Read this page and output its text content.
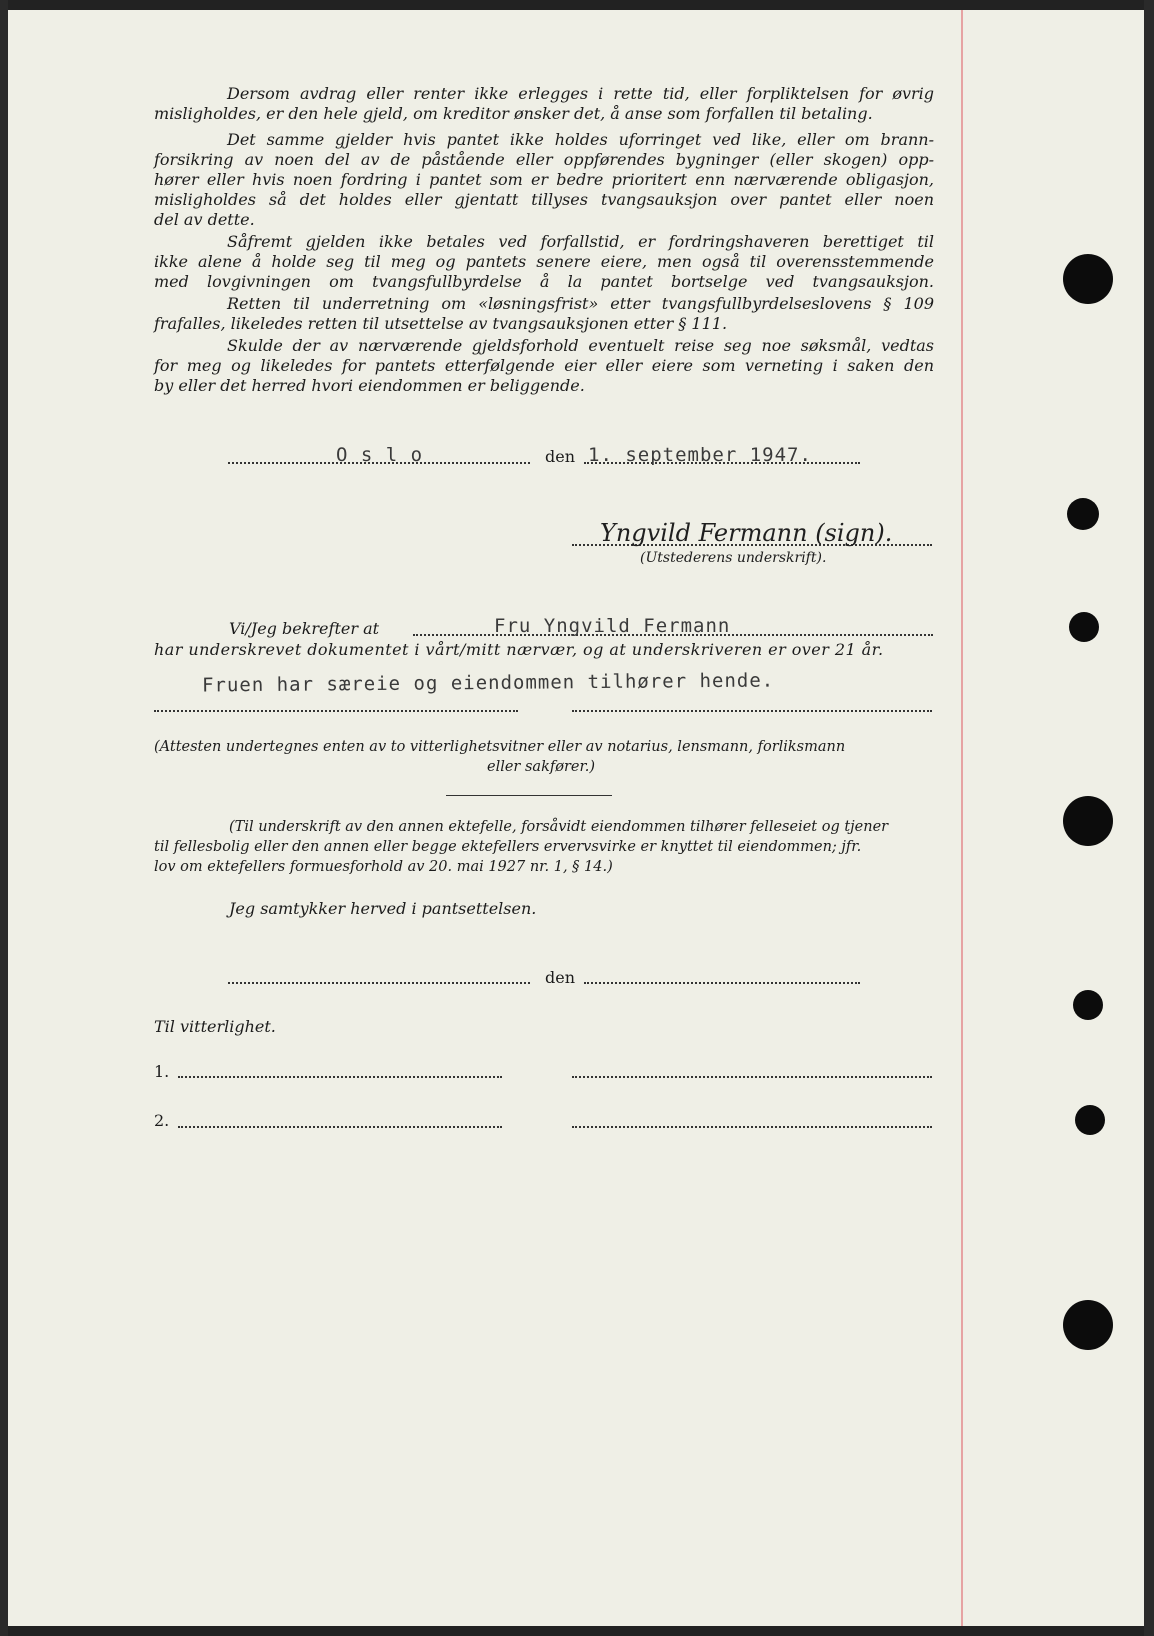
Dersom avdrag eller renter ikke erlegges i rette tid, eller forpliktelsen for øvrig
misligholdes, er den hele gjeld, om kreditor ønsker det, å anse som forfallen til betaling.
Det samme gjelder hvis pantet ikke holdes uforringet ved like, eller om brann-
forsikring av noen del av de påstående eller oppførendes bygninger (eller skogen) opp-
hører eller hvis noen fordring i pantet som er bedre prioritert enn nærværende obligasjon,
misligholdes så det holdes eller gjentatt tillyses tvangsauksjon over pantet eller noen
del av dette.
Såfremt gjelden ikke betales ved forfallstid, er fordringshaveren berettiget til
ikke alene å holde seg til meg og pantets senere eiere, men også til overensstemmende
med lovgivningen om tvangsfullbyrdelse å la pantet bortselge ved tvangsauksjon.
Retten til underretning om «løsningsfrist» etter tvangsfullbyrdelseslovens § 109
frafalles, likeledes retten til utsettelse av tvangsauksjonen etter § 111.
Skulde der av nærværende gjeldsforhold eventuelt reise seg noe søksmål, vedtas
for meg og likeledes for pantets etterfølgende eier eller eiere som verneting i saken den
by eller det herred hvori eiendommen er beliggende.
O s l o	den 1. september 1947.
Yngvild Fermann (sign).
(Utstederens underskrift).
Vi/Jeg bekrefter at	Fru Yngvild Fermann
har underskrevet dokumentet i vårt/mitt nærvær, og at underskriveren er over 21 år.
Fruen har særeie og eiendommen tilhører hende.
(Attesten undertegnes enten av to vitterlighetsvitner eller av notarius, lensmann, forliksmann
eller sakfører.)
(Til underskrift av den annen ektefelle, forsåvidt eiendommen tilhører felleseiet og tjener
til fellesbolig eller den annen eller begge ektefellers ervervsvirke er knyttet til eiendommen; jfr.
lov om ektefellers formuesforhold av 20. mai 1927 nr. 1, § 14.)
Jeg samtykker herved i pantsettelsen.
den
Til vitterlighet.
1.
2.
